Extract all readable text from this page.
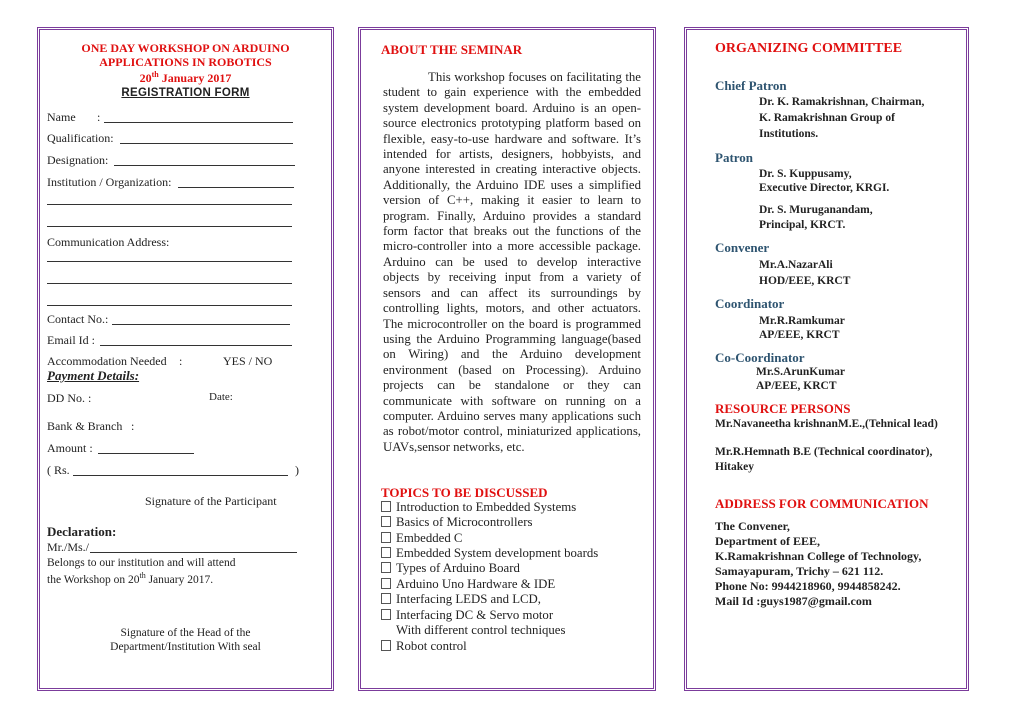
ONE DAY WORKSHOP ON ARDUINO
APPLICATIONS IN ROBOTICS
20th January 2017
REGISTRATION FORM
Name :
Qualification:
Designation:
Institution / Organization:
Communication Address:
Contact No.:
Email Id :
Accommodation Needed :	YES / NO
Payment Details:
DD No. :	Date:
Bank & Branch :
Amount :
( Rs.	)
Signature of the Participant
Declaration:
Mr./Ms./
Belongs to our institution and will attend
the Workshop on 20th January 2017.
Signature of the Head of the
Department/Institution With seal
ABOUT THE SEMINAR
This workshop focuses on facilitating the student to gain experience with the embedded system development board. Arduino is an open-source electronics prototyping platform based on flexible, easy-to-use hardware and software. It’s intended for artists, designers, hobbyists, and anyone interested in creating interactive objects. Additionally, the Arduino IDE uses a simplified version of C++, making it easier to learn to program. Finally, Arduino provides a standard form factor that breaks out the functions of the micro-controller into a more accessible package. Arduino can be used to develop interactive objects by receiving input from a variety of sensors and can affect its surroundings by controlling lights, motors, and other actuators. The microcontroller on the board is programmed using the Arduino Programming language(based on Wiring) and the Arduino development environment (based on Processing). Arduino projects can be standalone or they can communicate with software on running on a computer. Arduino serves many applications such as robot/motor control, miniaturized applications, UAVs,sensor networks, etc.
TOPICS TO BE DISCUSSED
Introduction to Embedded Systems
Basics of Microcontrollers
Embedded C
Embedded System development boards
Types of Arduino Board
Arduino Uno Hardware & IDE
Interfacing LEDS and LCD,
Interfacing DC & Servo motor
With different control techniques
Robot control
ORGANIZING COMMITTEE
Chief Patron
Dr. K. Ramakrishnan, Chairman,
K. Ramakrishnan Group of
Institutions.
Patron
Dr. S. Kuppusamy,
Executive Director, KRGI.
Dr. S. Muruganandam,
Principal, KRCT.
Convener
Mr.A.NazarAli
HOD/EEE, KRCT
Coordinator
Mr.R.Ramkumar
AP/EEE, KRCT
Co-Coordinator
Mr.S.ArunKumar
AP/EEE, KRCT
RESOURCE PERSONS
Mr.Navaneetha krishnanM.E.,(Tehnical lead)
Mr.R.Hemnath B.E (Technical coordinator),
Hitakey
ADDRESS FOR COMMUNICATION
The Convener,
Department of EEE,
K.Ramakrishnan College of Technology,
Samayapuram, Trichy – 621 112.
Phone No: 9944218960, 9944858242.
Mail Id :guys1987@gmail.com
